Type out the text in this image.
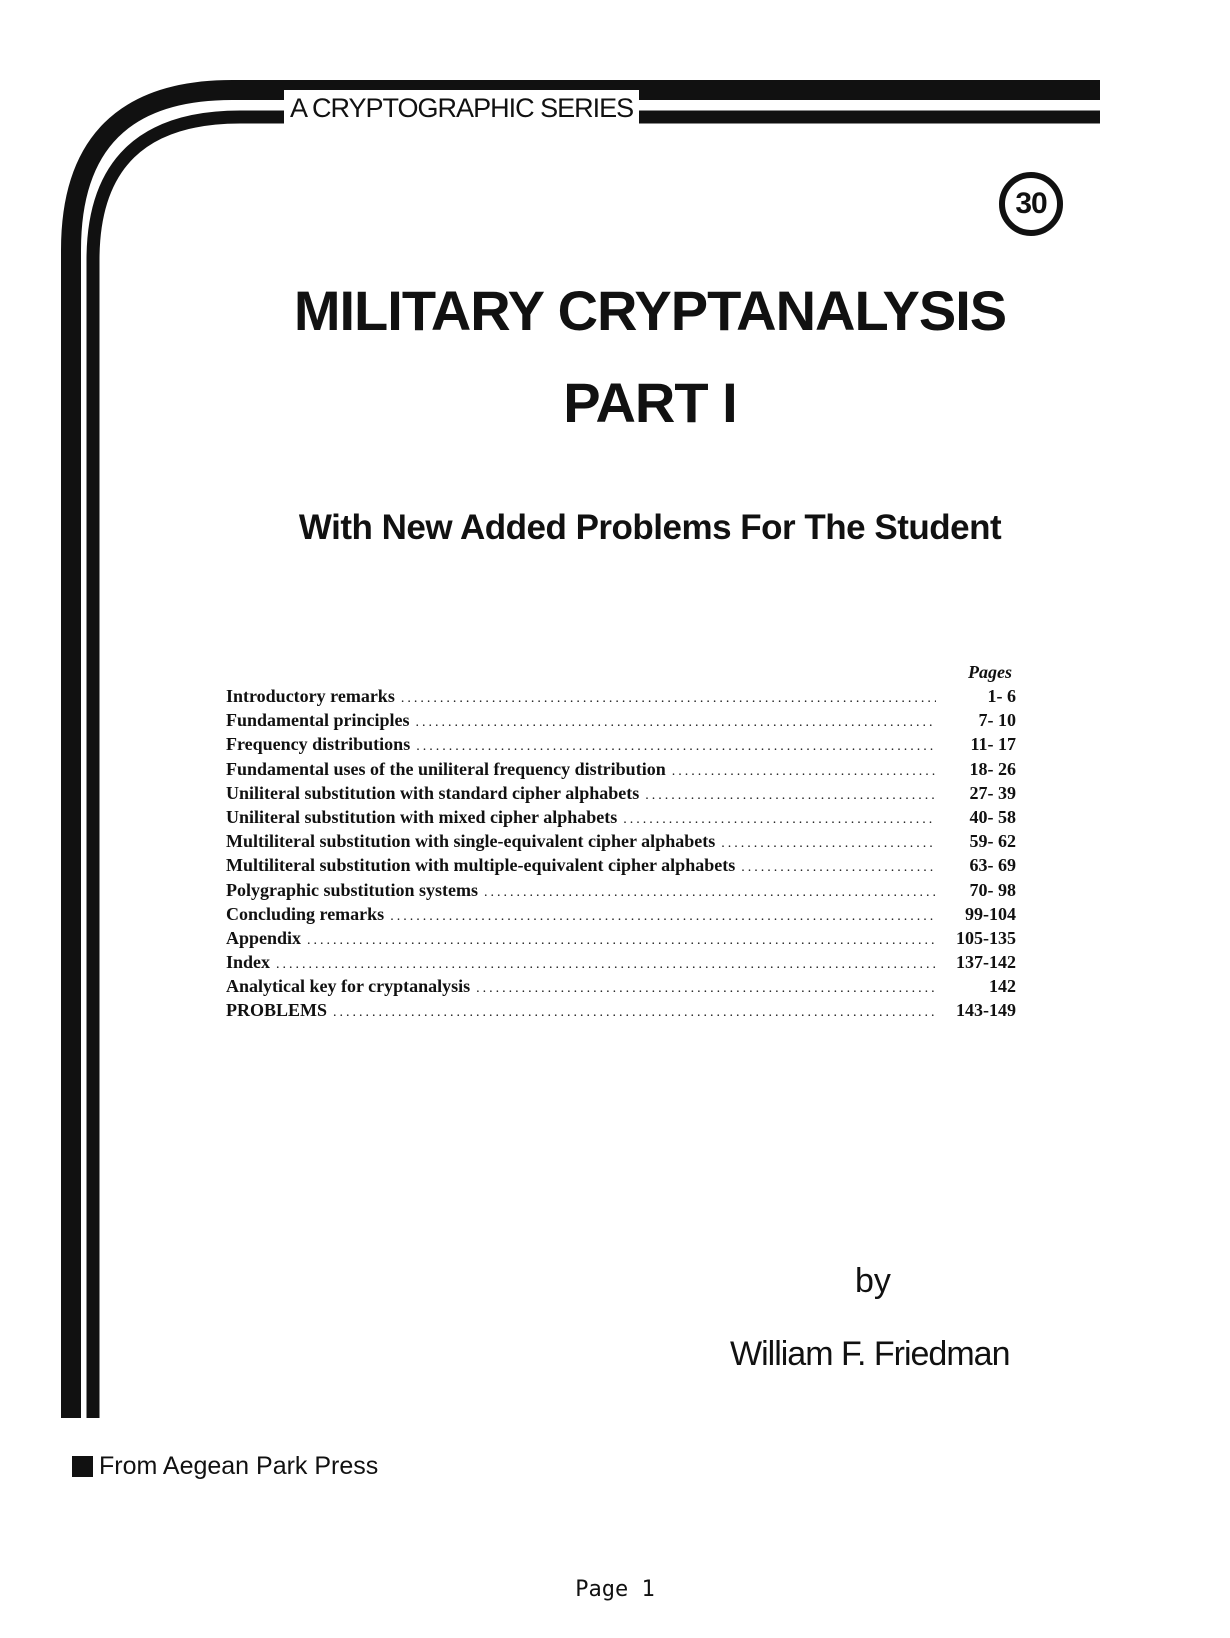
A CRYPTOGRAPHIC SERIES
30
MILITARY CRYPTANALYSIS
PART I
With New Added Problems For The Student
Pages
Introductory remarks .....	1- 6
Fundamental principles .....	7- 10
Frequency distributions .....	11- 17
Fundamental uses of the uniliteral frequency distribution .....	18- 26
Uniliteral substitution with standard cipher alphabets .....	27- 39
Uniliteral substitution with mixed cipher alphabets .....	40- 58
Multiliteral substitution with single-equivalent cipher alphabets .....	59- 62
Multiliteral substitution with multiple-equivalent cipher alphabets .....	63- 69
Polygraphic substitution systems .....	70- 98
Concluding remarks .....	99-104
Appendix .....	105-135
Index .....	137-142
Analytical key for cryptanalysis .....	142
PROBLEMS .....	143-149
by
William F. Friedman
From Aegean Park Press
Page 1
